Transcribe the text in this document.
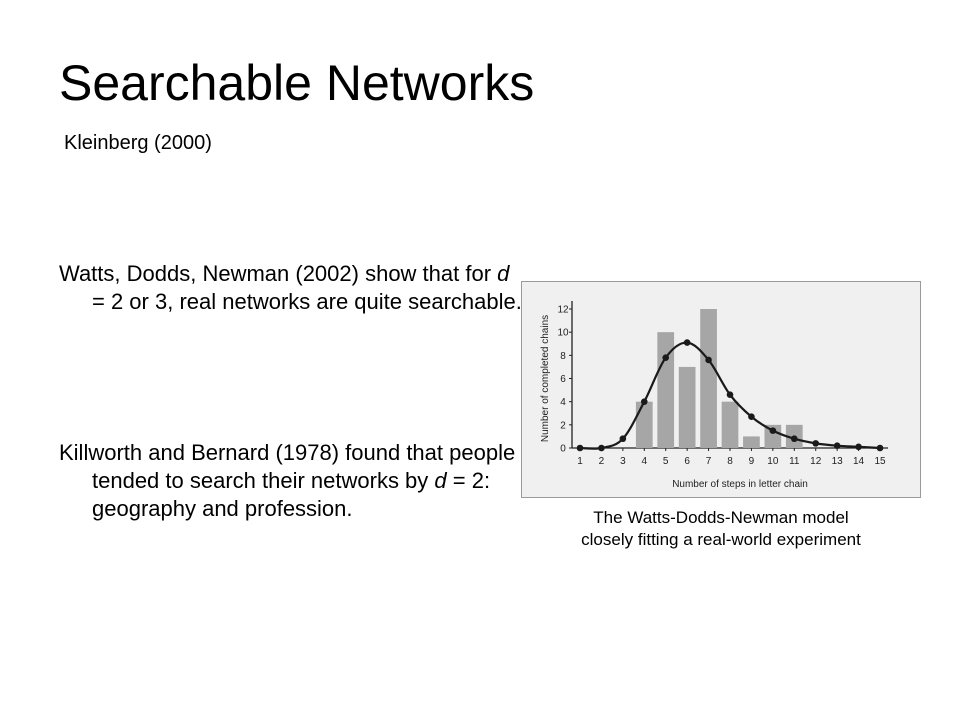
Searchable Networks
Kleinberg (2000)
Watts, Dodds, Newman (2002) show that for d = 2 or 3, real networks are quite searchable.
Killworth and Bernard (1978) found that people tended to search their networks by d = 2: geography and profession.
0
2
4
6
8
10
12
1 2 3 4 5 6 7 8 9 10 11 12 13 14 15
Number of steps in letter chain
Number of completed chains
The Watts-Dodds-Newman model
closely fitting a real-world experiment
